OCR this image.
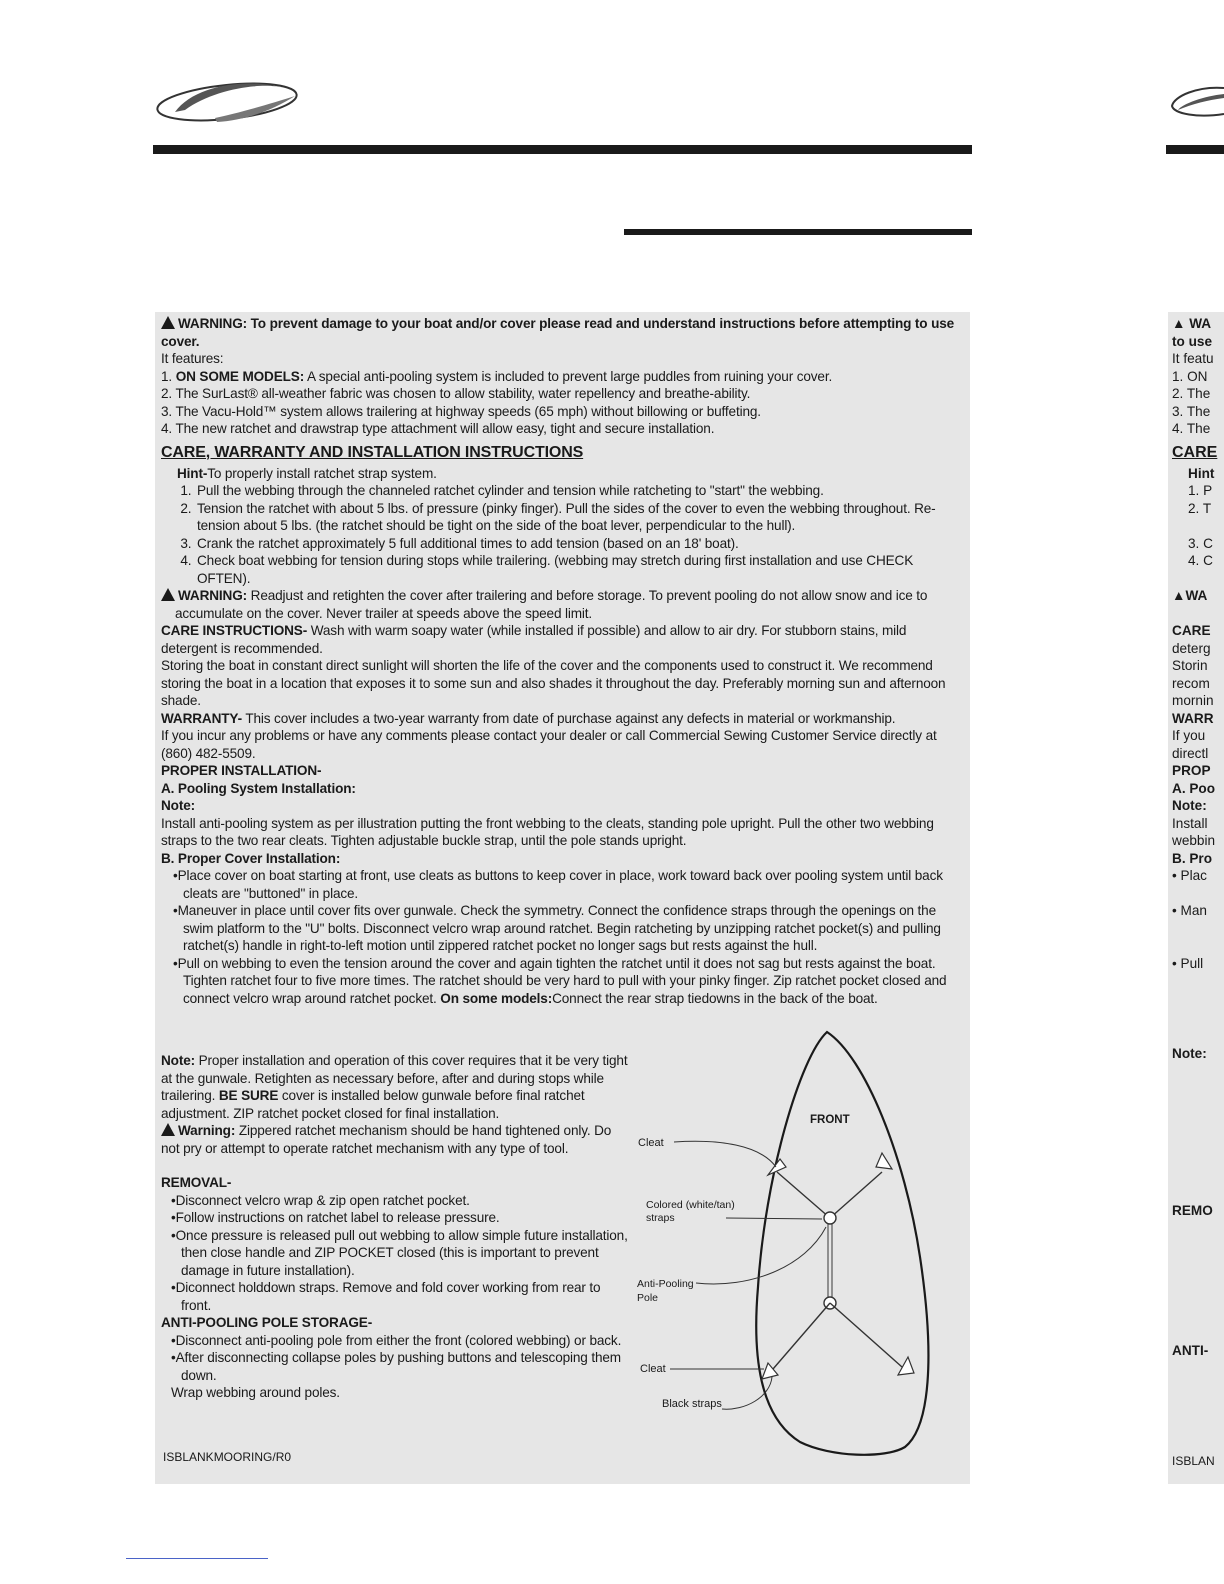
WARNING: To prevent damage to your boat and/or cover please read and understand instructions before attempting to use cover.

It features:

1. ON SOME MODELS: A special anti-pooling system is included to prevent large puddles from ruining your cover.

2. The SurLast® all-weather fabric was chosen to allow stability, water repellency and breathe-ability.

3. The Vacu-Hold™ system allows trailering at highway speeds (65 mph) without billowing or buffeting.

4. The new ratchet and drawstrap type attachment will allow easy, tight and secure installation.

CARE, WARRANTY AND INSTALLATION INSTRUCTIONS

Hint-To properly install ratchet strap system.

1. Pull the webbing through the channeled ratchet cylinder and tension while ratcheting to "start" the webbing.
2. Tension the ratchet with about 5 lbs. of pressure (pinky finger). Pull the sides of the cover to even the webbing throughout. Re-tension about 5 lbs. (the ratchet should be tight on the side of the boat lever, perpendicular to the hull).
3. Crank the ratchet approximately 5 full additional times to add tension (based on an 18' boat).
4. Check boat webbing for tension during stops while trailering. (webbing may stretch during first installation and use CHECK OFTEN).

WARNING: Readjust and retighten the cover after trailering and before storage. To prevent pooling do not allow snow and ice to accumulate on the cover. Never trailer at speeds above the speed limit.

CARE INSTRUCTIONS- Wash with warm soapy water (while installed if possible) and allow to air dry. For stubborn stains, mild detergent is recommended.

Storing the boat in constant direct sunlight will shorten the life of the cover and the components used to construct it. We recommend storing the boat in a location that exposes it to some sun and also shades it throughout the day. Preferably morning sun and afternoon shade.

WARRANTY- This cover includes a two-year warranty from date of purchase against any defects in material or workmanship.

If you incur any problems or have any comments please contact your dealer or call Commercial Sewing Customer Service directly at (860) 482-5509.

PROPER INSTALLATION-

A. Pooling System Installation:

Note:

Install anti-pooling system as per illustration putting the front webbing to the cleats, standing pole upright. Pull the other two webbing straps to the two rear cleats. Tighten adjustable buckle strap, until the pole stands upright.

B. Proper Cover Installation:

• Place cover on boat starting at front, use cleats as buttons to keep cover in place, work toward back over pooling system until back cleats are "buttoned" in place.
• Maneuver in place until cover fits over gunwale. Check the symmetry. Connect the confidence straps through the openings on the swim platform to the "U" bolts. Disconnect velcro wrap around ratchet. Begin ratcheting by unzipping ratchet pocket(s) and pulling ratchet(s) handle in right-to-left motion until zippered ratchet pocket no longer sags but rests against the hull.
• Pull on webbing to even the tension around the cover and again tighten the ratchet until it does not sag but rests against the boat. Tighten ratchet four to five more times. The ratchet should be very hard to pull with your pinky finger. Zip ratchet pocket closed and connect velcro wrap around ratchet pocket. On some models:Connect the rear strap tiedowns in the back of the boat.

Note: Proper installation and operation of this cover requires that it be very tight at the gunwale. Retighten as necessary before, after and during stops while trailering. BE SURE cover is installed below gunwale before final ratchet adjustment. ZIP ratchet pocket closed for final installation.

Warning: Zippered ratchet mechanism should be hand tightened only. Do not pry or attempt to operate ratchet mechanism with any type of tool.

REMOVAL-

• Disconnect velcro wrap & zip open ratchet pocket.
• Follow instructions on ratchet label to release pressure.
• Once pressure is released pull out webbing to allow simple future installation, then close handle and ZIP POCKET closed (this is important to prevent damage in future installation).
• Diconnect holddown straps. Remove and fold cover working from rear to front.

ANTI-POOLING POLE STORAGE-

• Disconnect anti-pooling pole from either the front (colored webbing) or back.
• After disconnecting collapse poles by pushing buttons and telescoping them down.

Wrap webbing around poles.

FRONT
Cleat
Colored (white/tan)
straps
Anti-Pooling
Pole
Cleat
Black straps
ISBLANKMOORING/R0
▲ WA
to use
It featu
1. ON
2. The
3. The
4. The
CARE
Hint
1. P
2. T

3. C
4. C

▲WA

CARE
deterg
Storin
recom
mornin
WARR
If you
directl
PROP
A. Poo
Note:
Install
webbin
B. Pro
• Plac

• Man

• Pull

Note:

REMO

ANTI-

ISBLAN
